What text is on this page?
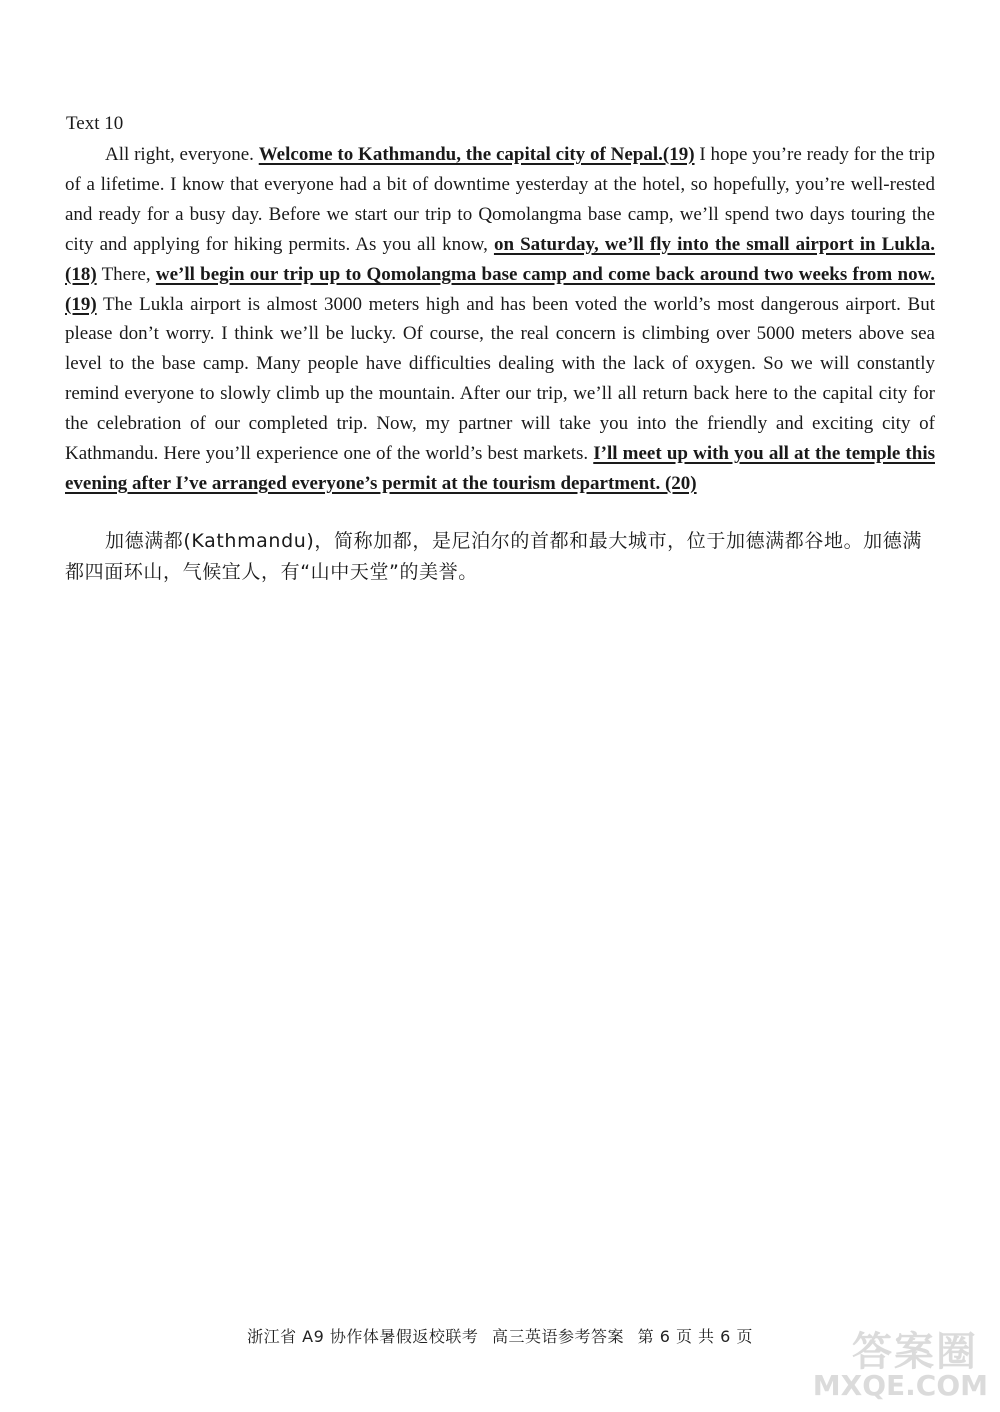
Text 10

All right, everyone. Welcome to Kathmandu, the capital city of Nepal.(19) I hope you’re ready for the trip of a lifetime. I know that everyone had a bit of downtime yesterday at the hotel, so hopefully, you’re well-rested and ready for a busy day. Before we start our trip to Qomolangma base camp, we’ll spend two days touring the city and applying for hiking permits. As you all know, on Saturday, we’ll fly into the small airport in Lukla.(18) There, we’ll begin our trip up to Qomolangma base camp and come back around two weeks from now.(19) The Lukla airport is almost 3000 meters high and has been voted the world’s most dangerous airport. But please don’t worry. I think we’ll be lucky. Of course, the real concern is climbing over 5000 meters above sea level to the base camp. Many people have difficulties dealing with the lack of oxygen. So we will constantly remind everyone to slowly climb up the mountain. After our trip, we’ll all return back here to the capital city for the celebration of our completed trip. Now, my partner will take you into the friendly and exciting city of Kathmandu. Here you’ll experience one of the world’s best markets. I’ll meet up with you all at the temple this evening after I’ve arranged everyone’s permit at the tourism department. (20)

加德满都(Kathmandu)，简称加都，是尼泊尔的首都和最大城市，位于加德满都谷地。加德满都四面环山，气候宜人，有“山中天堂”的美誉。

浙江省 A9 协作体暑假返校联考 高三英语参考答案 第 6 页 共 6 页	答案圈
MXQE.COM
